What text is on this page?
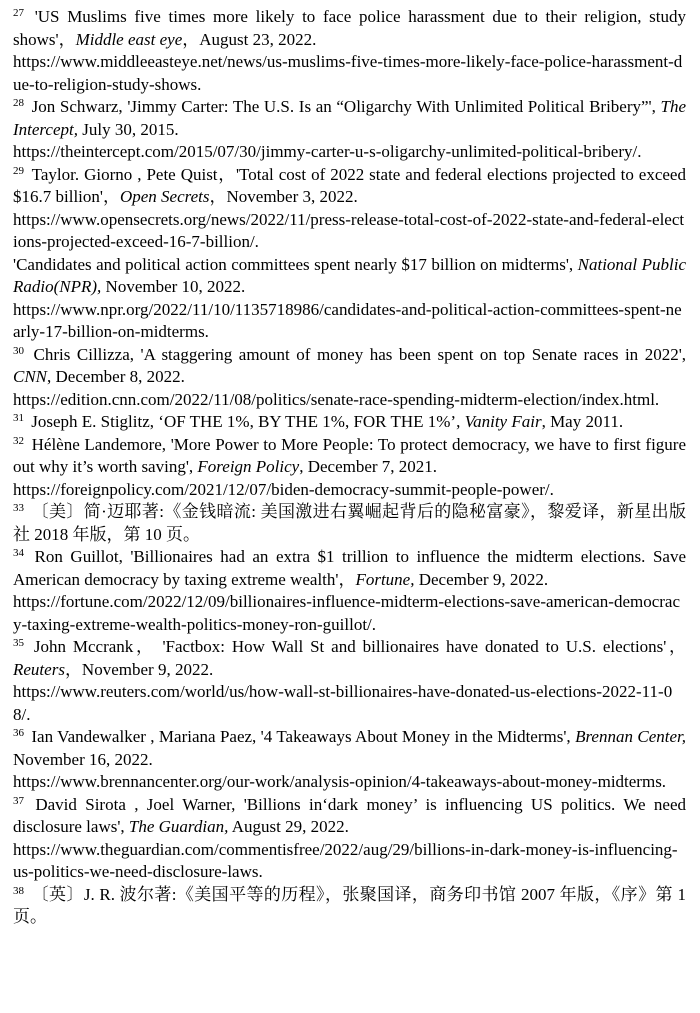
$^{27}$ 'US Muslims five times more likely to face police harassment due to their religion, study shows'，Middle east eye，August 23, 2022.
https://www.middleeasteye.net/news/us-muslims-five-times-more-likely-face-police-harassment-due-to-religion-study-shows.
$^{28}$ Jon Schwarz, 'Jimmy Carter: The U.S. Is an “Oligarchy With Unlimited Political Bribery”', The Intercept, July 30, 2015.
https://theintercept.com/2015/07/30/jimmy-carter-u-s-oligarchy-unlimited-political-bribery/.
$^{29}$ Taylor. Giorno , Pete Quist，'Total cost of 2022 state and federal elections projected to exceed $16.7 billion'，Open Secrets，November 3, 2022.
https://www.opensecrets.org/news/2022/11/press-release-total-cost-of-2022-state-and-federal-elections-projected-exceed-16-7-billion/.
'Candidates and political action committees spent nearly $17 billion on midterms', National Public Radio(NPR), November 10, 2022.
https://www.npr.org/2022/11/10/1135718986/candidates-and-political-action-committees-spent-nearly-17-billion-on-midterms.
$^{30}$ Chris Cillizza, 'A staggering amount of money has been spent on top Senate races in 2022', CNN, December 8, 2022.
https://edition.cnn.com/2022/11/08/politics/senate-race-spending-midterm-election/index.html.
$^{31}$ Joseph E. Stiglitz, ‘OF THE 1%, BY THE 1%, FOR THE 1%’, Vanity Fair, May 2011.
$^{32}$ Hélène Landemore, 'More Power to More People: To protect democracy, we have to first figure out why it’s worth saving', Foreign Policy, December 7, 2021.
https://foreignpolicy.com/2021/12/07/biden-democracy-summit-people-power/.
$^{33}$ 〔美〕简·迈耶著:《金钱暗流: 美国激进右翼崛起背后的隐秘富豪》，黎爱译，新星出版社 2018 年版，第 10 页。
$^{34}$ Ron Guillot, 'Billionaires had an extra $1 trillion to influence the midterm elections. Save American democracy by taxing extreme wealth'，Fortune, December 9, 2022.
https://fortune.com/2022/12/09/billionaires-influence-midterm-elections-save-american-democracy-taxing-extreme-wealth-politics-money-ron-guillot/.
$^{35}$ John Mccrank， 'Factbox: How Wall St and billionaires have donated to U.S. elections'，Reuters，November 9, 2022.
https://www.reuters.com/world/us/how-wall-st-billionaires-have-donated-us-elections-2022-11-08/.
$^{36}$ Ian Vandewalker , Mariana Paez, '4 Takeaways About Money in the Midterms', Brennan Center, November 16, 2022.
https://www.brennancenter.org/our-work/analysis-opinion/4-takeaways-about-money-midterms.
$^{37}$ David Sirota , Joel Warner, 'Billions in‘dark money’ is influencing US politics. We need disclosure laws', The Guardian, August 29, 2022.
https://www.theguardian.com/commentisfree/2022/aug/29/billions-in-dark-money-is-influencing-us-politics-we-need-disclosure-laws.
$^{38}$ 〔英〕J. R. 波尔著:《美国平等的历程》，张聚国译，商务印书馆 2007 年版，《序》第 1 页。
